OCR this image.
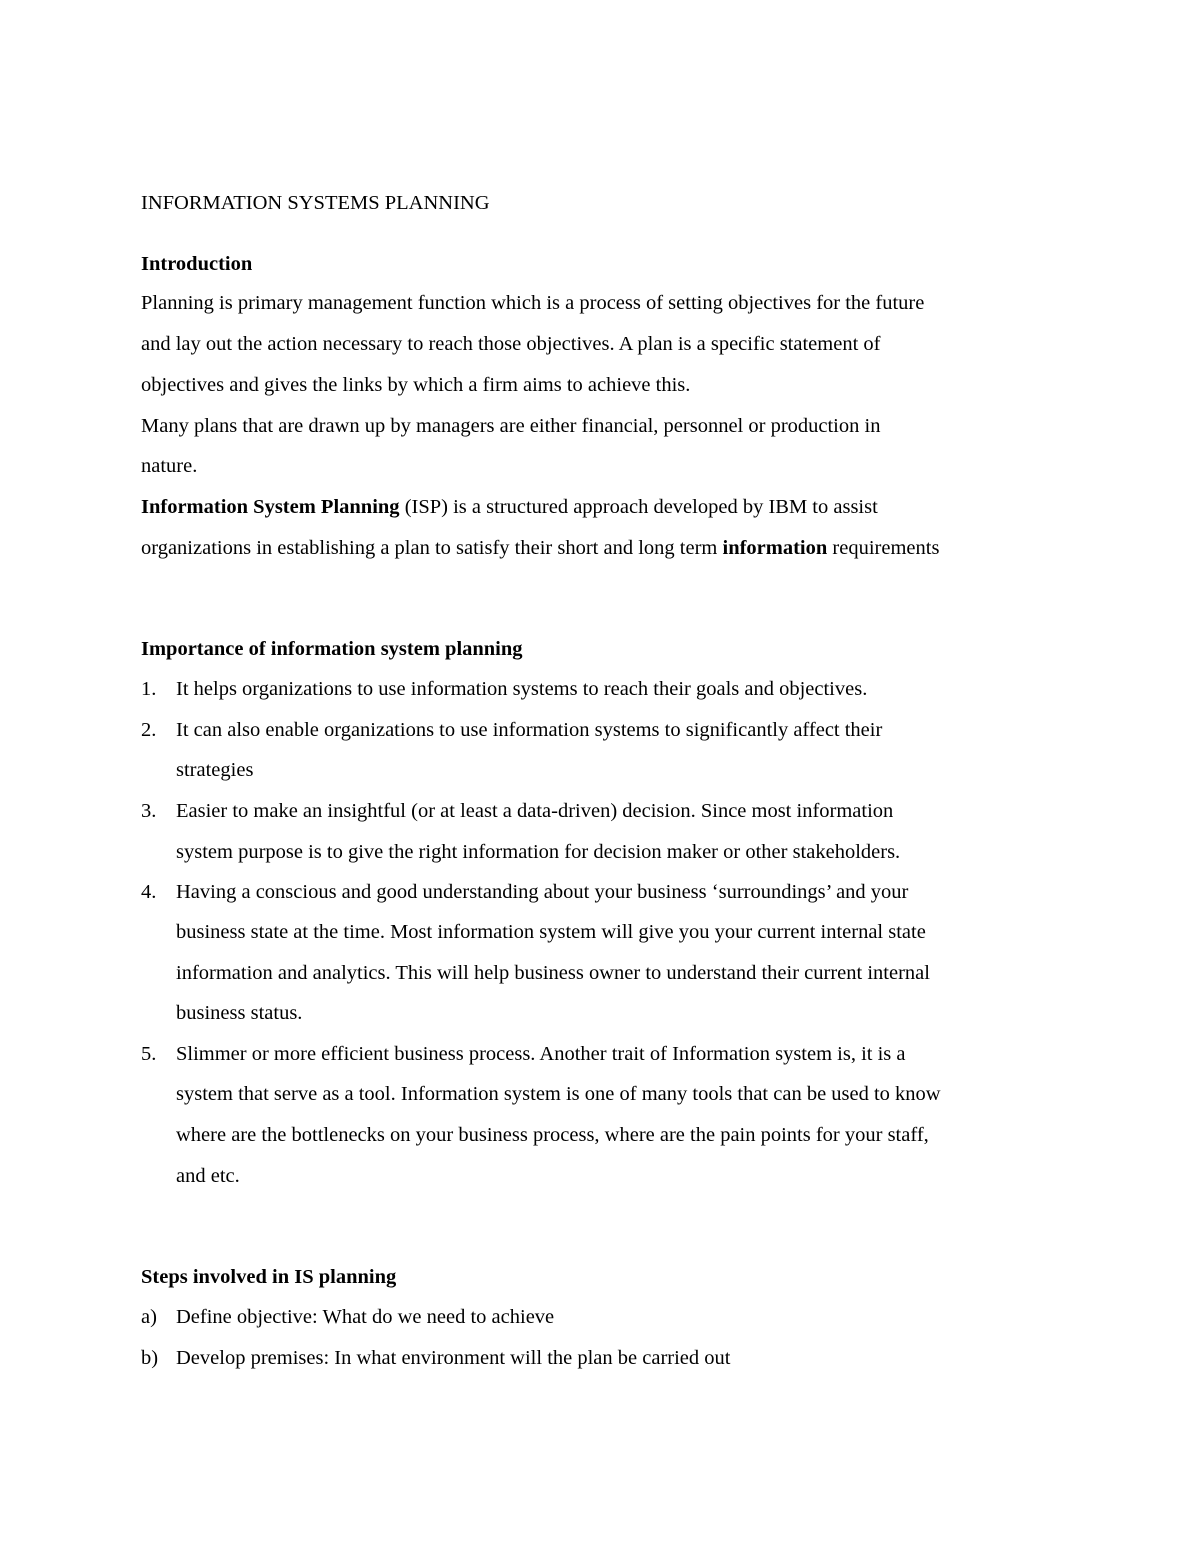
INFORMATION SYSTEMS PLANNING
Introduction
Planning is primary management function which is a process of setting objectives for the future
and lay out the action necessary to reach those objectives. A plan is a specific statement of
objectives and gives the links by which a firm aims to achieve this.
Many plans that are drawn up by managers are either financial, personnel or production in
nature.
Information System Planning (ISP) is a structured approach developed by IBM to assist
organizations in establishing a plan to satisfy their short and long term information requirements
Importance of information system planning
1. It helps organizations to use information systems to reach their goals and objectives.
2. It can also enable organizations to use information systems to significantly affect their
strategies
3. Easier to make an insightful (or at least a data-driven) decision. Since most information
system purpose is to give the right information for decision maker or other stakeholders.
4. Having a conscious and good understanding about your business ‘surroundings’ and your
business state at the time. Most information system will give you your current internal state
information and analytics. This will help business owner to understand their current internal
business status.
5. Slimmer or more efficient business process. Another trait of Information system is, it is a
system that serve as a tool. Information system is one of many tools that can be used to know
where are the bottlenecks on your business process, where are the pain points for your staff,
and etc.
Steps involved in IS planning
a) Define objective: What do we need to achieve
b) Develop premises: In what environment will the plan be carried out
